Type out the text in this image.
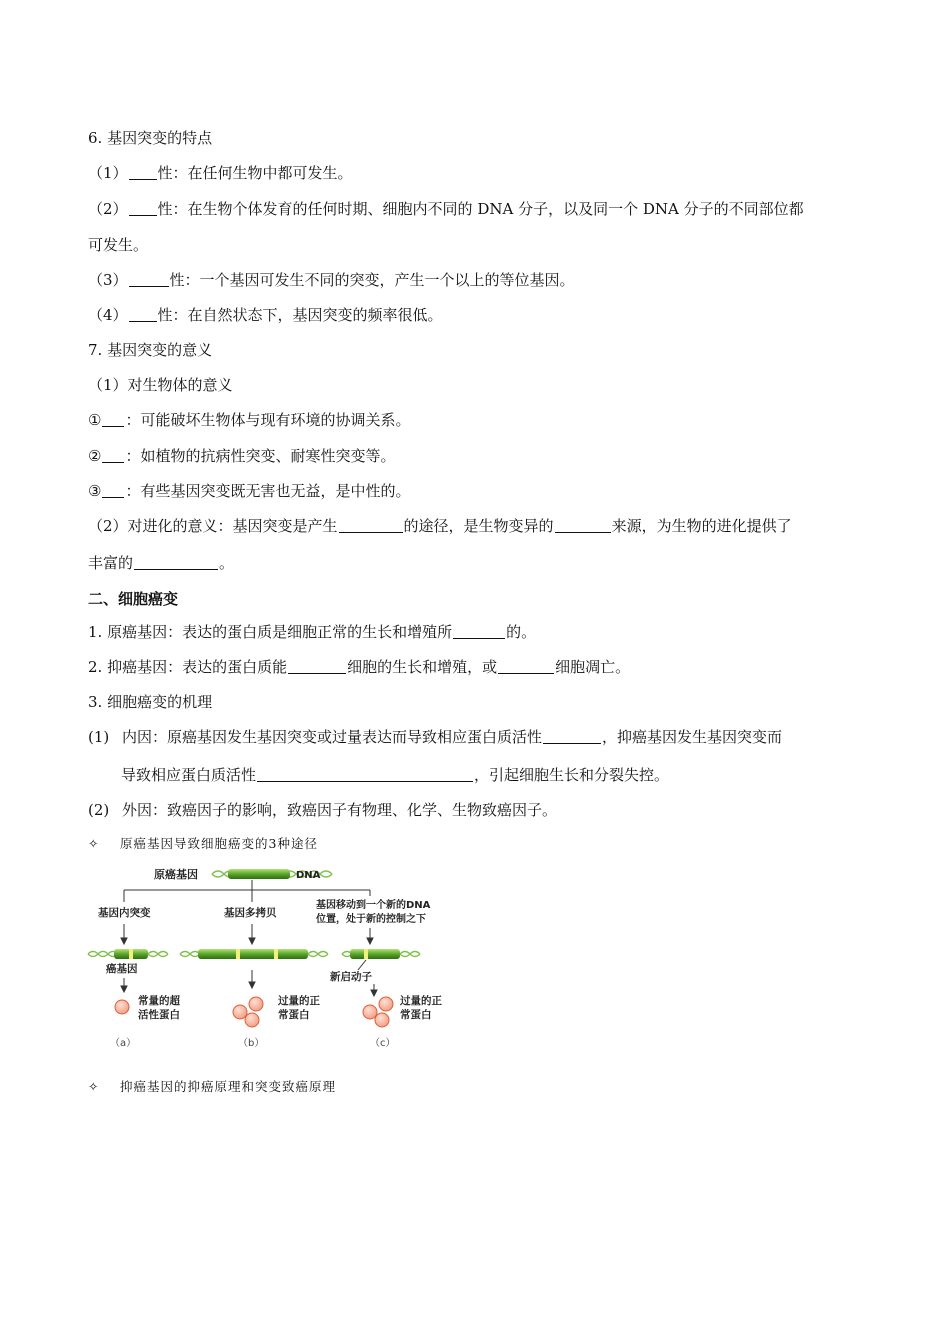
6. 基因突变的特点
（1） 性：在任何生物中都可发生。
（2） 性：在生物个体发育的任何时期、细胞内不同的 DNA 分子，以及同一个 DNA 分子的不同部位都
可发生。
（3）	性：一个基因可发生不同的突变，产生一个以上的等位基因。
（4） 性：在自然状态下，基因突变的频率很低。
7. 基因突变的意义
（1）对生物体的意义
① ：可能破坏生物体与现有环境的协调关系。
② ：如植物的抗病性突变、耐寒性突变等。
③ ：有些基因突变既无害也无益，是中性的。
（2）对进化的意义：基因突变是产生	的途径，是生物变异的	来源，为生物的进化提供了
丰富的	。
二、细胞癌变
1. 原癌基因：表达的蛋白质是细胞正常的生长和增殖所	的。
2. 抑癌基因：表达的蛋白质能	细胞的生长和增殖，或	细胞凋亡。
3. 细胞癌变的机理
(1) 内因：原癌基因发生基因突变或过量表达而导致相应蛋白质活性	，抑癌基因发生基因突变而
导致相应蛋白质活性	，引起细胞生长和分裂失控。
(2) 外因：致癌因子的影响，致癌因子有物理、化学、生物致癌因子。
✧ 原癌基因导致细胞癌变的3种途径
原癌基因	DNA
基因内突变	基因多拷贝
基因移动到一个新的DNA
位置，处于新的控制之下
癌基因
新启动子
常量的超
活性蛋白
过量的正
常蛋白
过量的正
常蛋白
（a）	（b）	（c）
✧ 抑癌基因的抑癌原理和突变致癌原理
